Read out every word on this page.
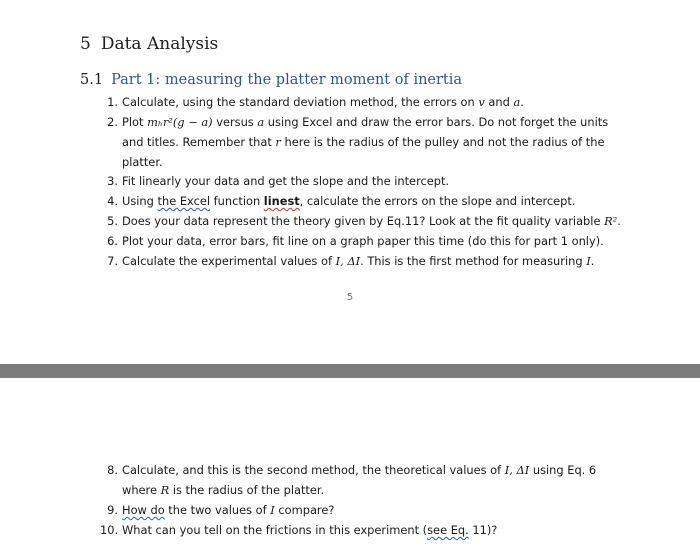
5 Data Analysis
5.1 Part 1: measuring the platter moment of inertia
1. Calculate, using the standard deviation method, the errors on v and a.
2. Plot mₕr²(g − a) versus a using Excel and draw the error bars. Do not forget the units
and titles. Remember that r here is the radius of the pulley and not the radius of the
platter.
3. Fit linearly your data and get the slope and the intercept.
4. Using the Excel function linest, calculate the errors on the slope and intercept.
5. Does your data represent the theory given by Eq.11? Look at the fit quality variable R².
6. Plot your data, error bars, fit line on a graph paper this time (do this for part 1 only).
7. Calculate the experimental values of I, ΔI. This is the first method for measuring I.
5
8. Calculate, and this is the second method, the theoretical values of I, ΔI using Eq. 6
where R is the radius of the platter.
9. How do the two values of I compare?
10. What can you tell on the frictions in this experiment (see Eq. 11)?
